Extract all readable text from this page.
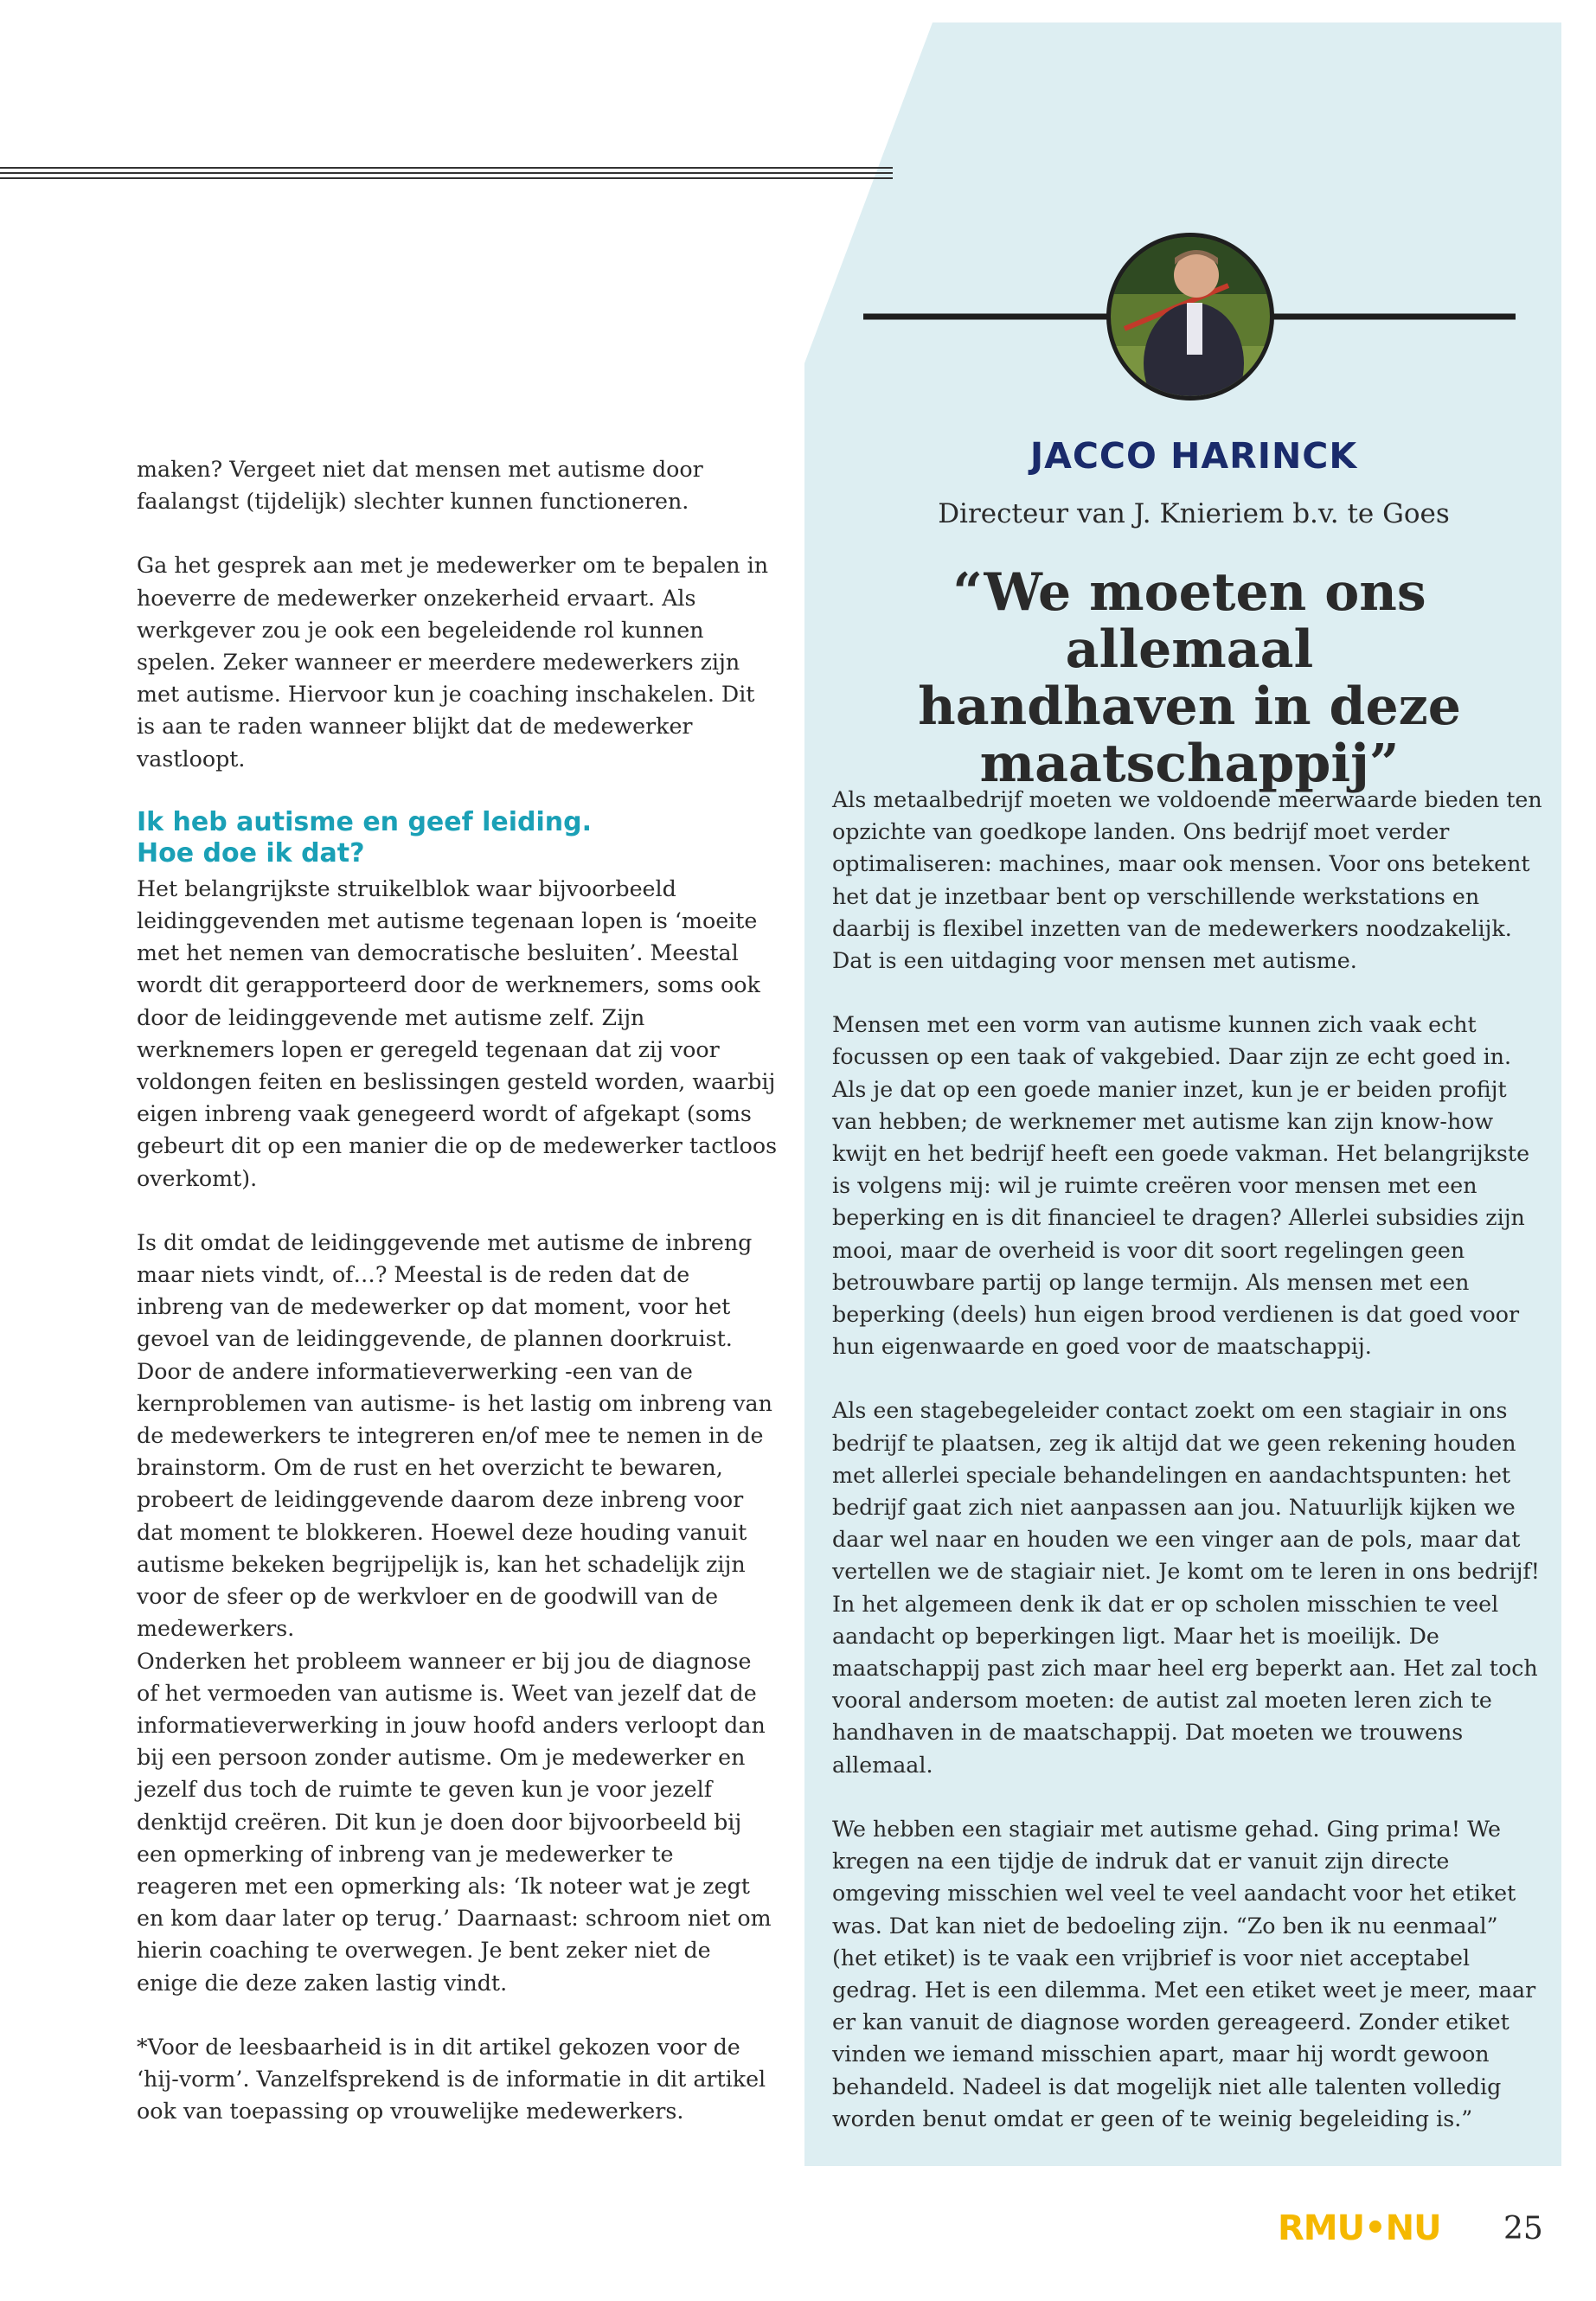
maken? Vergeet niet dat mensen met autisme door faalangst (tijdelijk) slechter kunnen functioneren.

Ga het gesprek aan met je medewerker om te bepalen in hoeverre de medewerker onzekerheid ervaart. Als werkgever zou je ook een begeleidende rol kunnen spelen. Zeker wanneer er meerdere medewerkers zijn met autisme. Hiervoor kun je coaching inschakelen. Dit is aan te raden wanneer blijkt dat de medewerker vastloopt.

Ik heb autisme en geef leiding.
Hoe doe ik dat?

Het belangrijkste struikelblok waar bijvoorbeeld leidinggevenden met autisme tegenaan lopen is ‘moeite met het nemen van democratische besluiten’. Meestal wordt dit gerapporteerd door de werknemers, soms ook door de leidinggevende met autisme zelf. Zijn werknemers lopen er geregeld tegenaan dat zij voor voldongen feiten en beslissingen gesteld worden, waarbij eigen inbreng vaak genegeerd wordt of afgekapt (soms gebeurt dit op een manier die op de medewerker tactloos overkomt).

Is dit omdat de leidinggevende met autisme de inbreng maar niets vindt, of…? Meestal is de reden dat de inbreng van de medewerker op dat moment, voor het gevoel van de leidinggevende, de plannen doorkruist. Door de andere informatieverwerking -een van de kernproblemen van autisme- is het lastig om inbreng van de medewerkers te integreren en/of mee te nemen in de brainstorm. Om de rust en het overzicht te bewaren, probeert de leidinggevende daarom deze inbreng voor dat moment te blokkeren. Hoewel deze houding vanuit autisme bekeken begrijpelijk is, kan het schadelijk zijn voor de sfeer op de werkvloer en de goodwill van de medewerkers.

Onderken het probleem wanneer er bij jou de diagnose of het vermoeden van autisme is. Weet van jezelf dat de informatieverwerking in jouw hoofd anders verloopt dan bij een persoon zonder autisme. Om je medewerker en jezelf dus toch de ruimte te geven kun je voor jezelf denktijd creëren. Dit kun je doen door bijvoorbeeld bij een opmerking of inbreng van je medewerker te reageren met een opmerking als: ‘Ik noteer wat je zegt en kom daar later op terug.’ Daarnaast: schroom niet om hierin coaching te overwegen. Je bent zeker niet de enige die deze zaken lastig vindt.

*Voor de leesbaarheid is in dit artikel gekozen voor de ‘hij-vorm’. Vanzelfsprekend is de informatie in dit artikel ook van toepassing op vrouwelijke medewerkers.

JACCO HARINCK
Directeur van J. Knieriem b.v. te Goes
“We moeten ons allemaal
handhaven in deze
maatschappij”

Als metaalbedrijf moeten we voldoende meerwaarde bieden ten opzichte van goedkope landen. Ons bedrijf moet verder optimaliseren: machines, maar ook mensen. Voor ons betekent het dat je inzetbaar bent op verschillende werkstations en daarbij is flexibel inzetten van de medewerkers noodzakelijk. Dat is een uitdaging voor mensen met autisme.

Mensen met een vorm van autisme kunnen zich vaak echt focussen op een taak of vakgebied. Daar zijn ze echt goed in. Als je dat op een goede manier inzet, kun je er beiden profijt van hebben; de werknemer met autisme kan zijn know-how kwijt en het bedrijf heeft een goede vakman. Het belangrijkste is volgens mij: wil je ruimte creëren voor mensen met een beperking en is dit financieel te dragen? Allerlei subsidies zijn mooi, maar de overheid is voor dit soort regelingen geen betrouwbare partij op lange termijn. Als mensen met een beperking (deels) hun eigen brood verdienen is dat goed voor hun eigenwaarde en goed voor de maatschappij.

Als een stagebegeleider contact zoekt om een stagiair in ons bedrijf te plaatsen, zeg ik altijd dat we geen rekening houden met allerlei speciale behandelingen en aandachtspunten: het bedrijf gaat zich niet aanpassen aan jou. Natuurlijk kijken we daar wel naar en houden we een vinger aan de pols, maar dat vertellen we de stagiair niet. Je komt om te leren in ons bedrijf!

In het algemeen denk ik dat er op scholen misschien te veel aandacht op beperkingen ligt. Maar het is moeilijk. De maatschappij past zich maar heel erg beperkt aan. Het zal toch vooral andersom moeten: de autist zal moeten leren zich te handhaven in de maatschappij. Dat moeten we trouwens allemaal.

We hebben een stagiair met autisme gehad. Ging prima! We kregen na een tijdje de indruk dat er vanuit zijn directe omgeving misschien wel veel te veel aandacht voor het etiket was. Dat kan niet de bedoeling zijn. “Zo ben ik nu eenmaal” (het etiket) is te vaak een vrijbrief is voor niet acceptabel gedrag. Het is een dilemma. Met een etiket weet je meer, maar er kan vanuit de diagnose worden gereageerd. Zonder etiket vinden we iemand misschien apart, maar hij wordt gewoon behandeld. Nadeel is dat mogelijk niet alle talenten volledig worden benut omdat er geen of te weinig begeleiding is.”

RMU•NU 25
